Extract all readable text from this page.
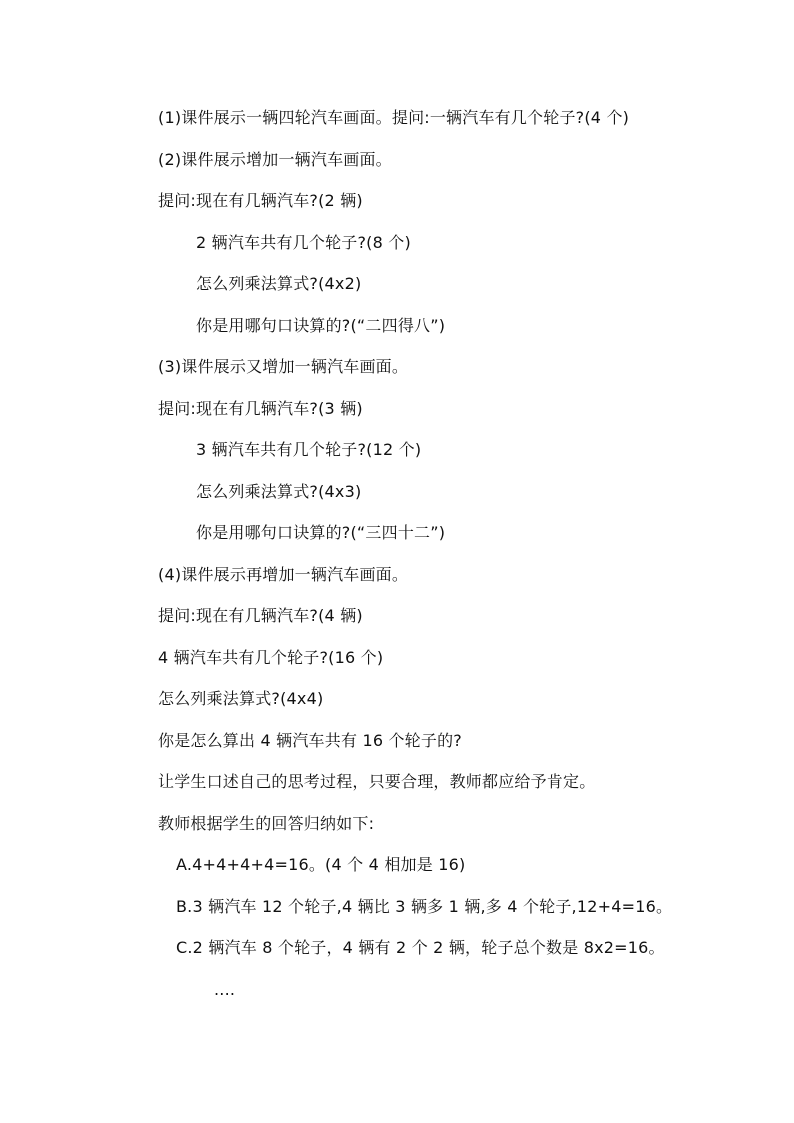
(1)课件展示一辆四轮汽车画面。提问:一辆汽车有几个轮子?(4 个)
(2)课件展示增加一辆汽车画面。
提问:现在有几辆汽车?(2 辆)
2 辆汽车共有几个轮子?(8 个)
怎么列乘法算式?(4x2)
你是用哪句口诀算的?(“二四得八”)
(3)课件展示又增加一辆汽车画面。
提问:现在有几辆汽车?(3 辆)
3 辆汽车共有几个轮子?(12 个)
怎么列乘法算式?(4x3)
你是用哪句口诀算的?(“三四十二”)
(4)课件展示再增加一辆汽车画面。
提问:现在有几辆汽车?(4 辆)
4 辆汽车共有几个轮子?(16 个)
怎么列乘法算式?(4x4)
你是怎么算出 4 辆汽车共有 16 个轮子的?
让学生口述自己的思考过程，只要合理，教师都应给予肯定。
教师根据学生的回答归纳如下:
A.4+4+4+4=16。(4 个 4 相加是 16)
B.3 辆汽车 12 个轮子,4 辆比 3 辆多 1 辆,多 4 个轮子,12+4=16。
C.2 辆汽车 8 个轮子，4 辆有 2 个 2 辆，轮子总个数是 8x2=16。
....
